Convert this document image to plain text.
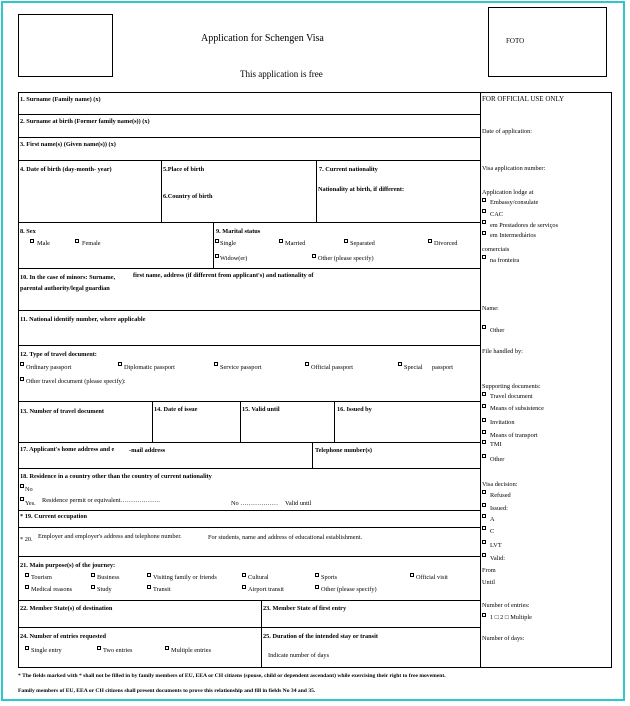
Application for Schengen Visa
This application is free
FOTO
1. Surname (Family name) (x)
2. Surname at birth (Former family name(s)) (x)
3. First name(s) (Given name(s)) (x)
4. Date of birth (day-month- year)	5.Place of birth
6.Country of birth
7. Current nationality
Nationality at birth, if different:
8. Sex
Male	Female
9. Marital status
Single	Married	Separated	Divorced
Widow(er)	Other (please specify)
10. In the case of minors: Surname,	first name, address (if different from applicant's) and nationality of
parental authority/legal guardian
11. National identify number, where applicable
12. Type of travel document:
Ordinary passport	Diplomatic passport	Service passport	Official passport	Special passport
Other travel document (please specify):
13. Number of travel document	14. Date of issue	15. Valid until	16. Issued by
17. Applicant's home address and e -mail address	Telephone number(s)
18. Residence in a country other than the country of current nationality
No
Yes. Residence permit or equivalent……………….	No ……………… Valid until
* 19. Current occupation
* 20. Employer and employer's address and telephone number.	For students, name and address of educational establishment.
21. Main purpose(s) of the journey:
Tourism	Business	Visiting family or friends	Cultural	Sports	Official visit
Medical reasons	Study	Transit	Airport transit	Other (please specify)
22. Member State(s) of destination	23. Member State of first entry
24. Number of entries requested
Single entry	Two entries	Multiple entries
25. Duration of the intended stay or transit
Indicate number of days
FOR OFFICIAL USE ONLY
Date of application:
Visa application number:
Application lodge at
Embassy/consulate
CAC
em Prestadores de serviços
em Intermediários
comerciais
na fronteira
Name:
Other
File handled by:
Supporting documents:
Travel document
Means of subsistence
Invitation
Means of transport
TMI
Other
Visa decision:
Refused
Issued:
A
C
LVT
Valid:
From
Until
Number of entries:
1 □ 2 □ Multiple
Number of days:
* The fields marked with * shall not be filled in by family members of EU, EEA or CH citizens (spouse, child or dependent ascendant) while exercising their right to free movement.
Family members of EU, EEA or CH citizens shall present documents to prove this relationship and fill in fields No 34 and 35.
